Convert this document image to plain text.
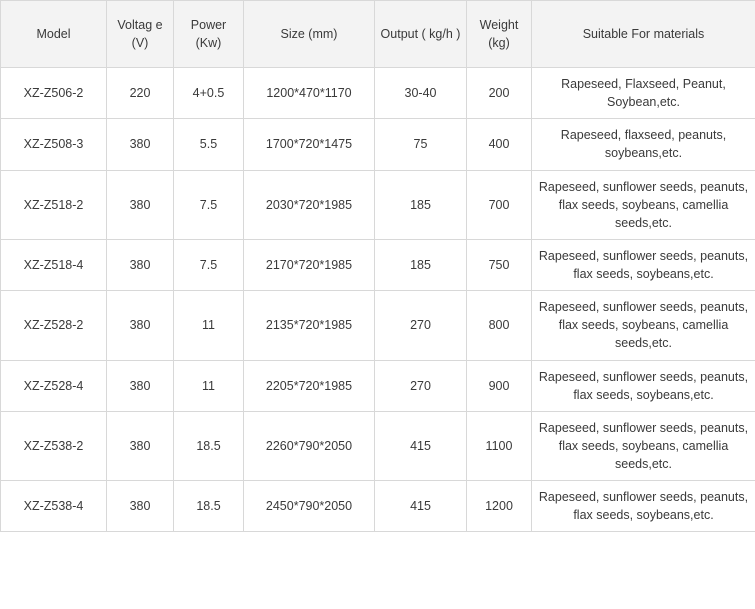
Model	Voltag e (V)	Power (Kw)	Size (mm)	Output ( kg/h )	Weight (kg)	Suitable For materials
XZ-Z506-2	220	4+0.5	1200*470*1170	30-40	200	Rapeseed, Flaxseed, Peanut, Soybean,etc.
XZ-Z508-3	380	5.5	1700*720*1475	75	400	Rapeseed, flaxseed, peanuts, soybeans,etc.
XZ-Z518-2	380	7.5	2030*720*1985	185	700	Rapeseed, sunflower seeds, peanuts, flax seeds, soybeans, camellia seeds,etc.
XZ-Z518-4	380	7.5	2170*720*1985	185	750	Rapeseed, sunflower seeds, peanuts, flax seeds, soybeans,etc.
XZ-Z528-2	380	11	2135*720*1985	270	800	Rapeseed, sunflower seeds, peanuts, flax seeds, soybeans, camellia seeds,etc.
XZ-Z528-4	380	11	2205*720*1985	270	900	Rapeseed, sunflower seeds, peanuts, flax seeds, soybeans,etc.
XZ-Z538-2	380	18.5	2260*790*2050	415	1100	Rapeseed, sunflower seeds, peanuts, flax seeds, soybeans, camellia seeds,etc.
XZ-Z538-4	380	18.5	2450*790*2050	415	1200	Rapeseed, sunflower seeds, peanuts, flax seeds, soybeans,etc.
